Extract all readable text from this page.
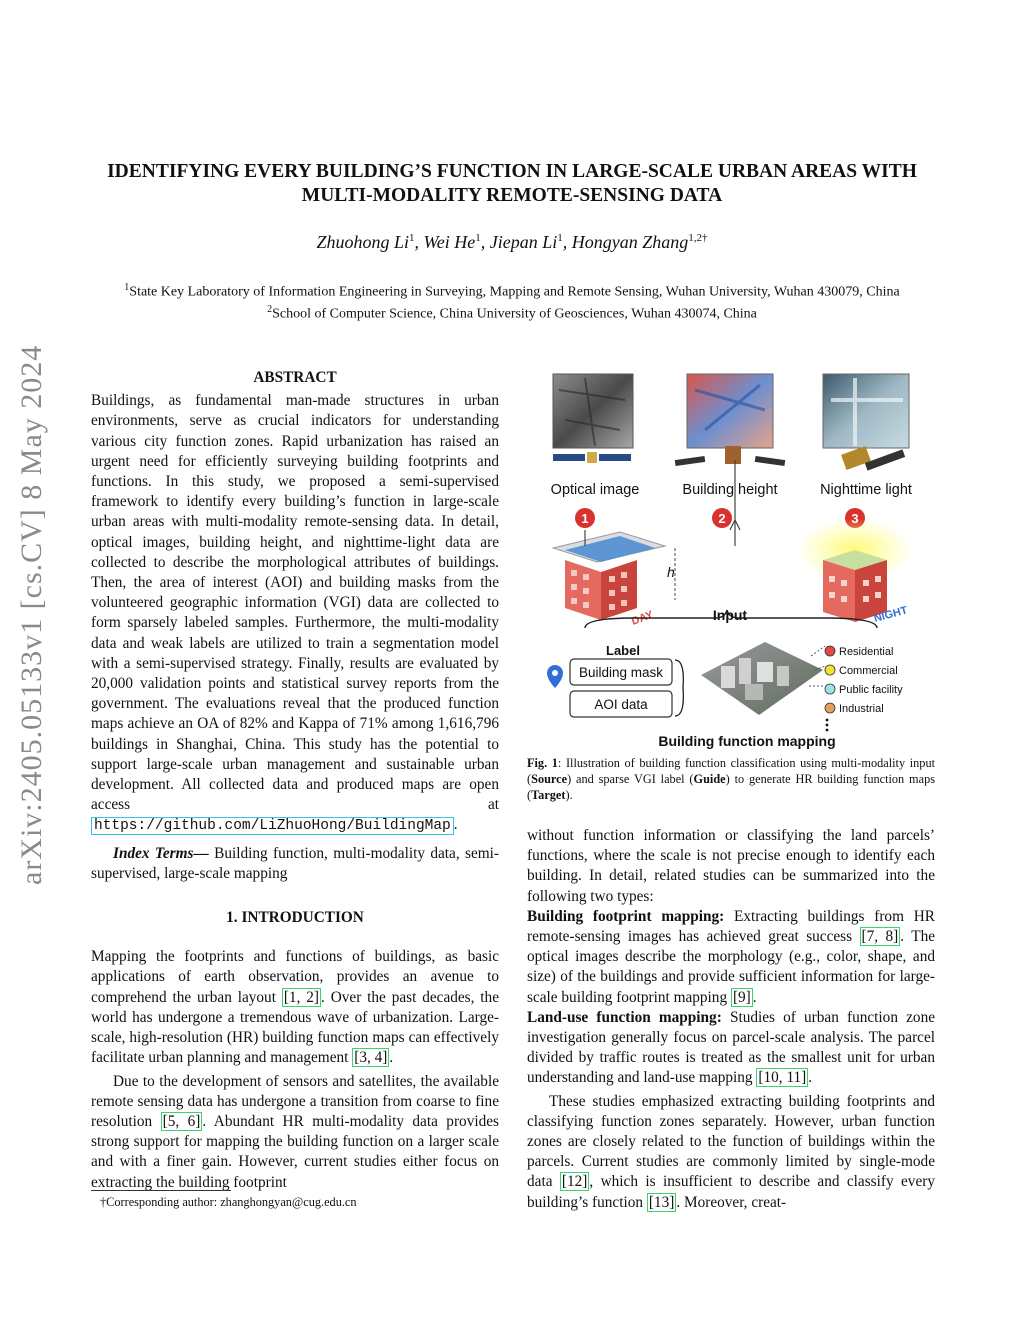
arXiv:2405.05133v1 [cs.CV] 8 May 2024
IDENTIFYING EVERY BUILDING’S FUNCTION IN LARGE-SCALE URBAN AREAS WITH
MULTI-MODALITY REMOTE-SENSING DATA
Zhuohong Li$^1$, Wei He$^1$, Jiepan Li$^1$, Hongyan Zhang$^{1,2\dagger}$
$^1$State Key Laboratory of Information Engineering in Surveying, Mapping and Remote Sensing, Wuhan University, Wuhan 430079, China
$^2$School of Computer Science, China University of Geosciences, Wuhan 430074, China
ABSTRACT

Buildings, as fundamental man-made structures in urban environments, serve as crucial indicators for understanding various city function zones. Rapid urbanization has raised an urgent need for efficiently surveying building footprints and functions. In this study, we proposed a semi-supervised framework to identify every building’s function in large-scale urban areas with multi-modality remote-sensing data. In detail, optical images, building height, and nighttime-light data are collected to describe the morphological attributes of buildings. Then, the area of interest (AOI) and building masks from the volunteered geographic information (VGI) data are collected to form sparsely labeled samples. Furthermore, the multi-modality data and weak labels are utilized to train a segmentation model with a semi-supervised strategy. Finally, results are evaluated by 20,000 validation points and statistical survey reports from the government. The evaluations reveal that the produced function maps achieve an OA of 82% and Kappa of 71% among 1,616,796 buildings in Shanghai, China. This study has the potential to support large-scale urban management and sustainable urban development. All collected data and produced maps are open access at https://github.com/LiZhuoHong/BuildingMap .

Index Terms— Building function, multi-modality data, semi-supervised, large-scale mapping

1. INTRODUCTION

Mapping the footprints and functions of buildings, as basic applications of earth observation, provides an avenue to comprehend the urban layout [1, 2] . Over the past decades, the world has undergone a tremendous wave of urbanization. Large-scale, high-resolution (HR) building function maps can effectively facilitate urban planning and management [3, 4] .

Due to the development of sensors and satellites, the available remote sensing data has undergone a transition from coarse to fine resolution [5, 6] . Abundant HR multi-modality data provides strong support for mapping the building function on a larger scale and with a finer gain. However, current studies either focus on extracting the building footprint

†Corresponding author: zhanghongyan@cug.edu.cn
Optical image	Building height	Nighttime light
1	2
h
DAY	NIGHT
Input
Label
Building mask
AOI data
Residential
Commercial
Public facility
Industrial
Building function mapping
Fig. 1: Illustration of building function classification using multi-modality input (Source) and sparse VGI label (Guide) to generate HR building function maps (Target).

without function information or classifying the land parcels’ functions, where the scale is not precise enough to identify each building. In detail, related studies can be summarized into the following two types:

Building footprint mapping: Extracting buildings from HR remote-sensing images has achieved great success [7, 8] . The optical images describe the morphology (e.g., color, shape, and size) of the buildings and provide sufficient information for large-scale building footprint mapping [9] .

Land-use function mapping: Studies of urban function zone investigation generally focus on parcel-scale analysis. The parcel divided by traffic routes is treated as the smallest unit for urban understanding and land-use mapping [10, 11] .

These studies emphasized extracting building footprints and classifying function zones separately. However, urban function zones are closely related to the function of buildings within the parcels. Current studies are commonly limited by single-mode data [12] , which is insufficient to describe and classify every building’s function [13] . Moreover, creat-
